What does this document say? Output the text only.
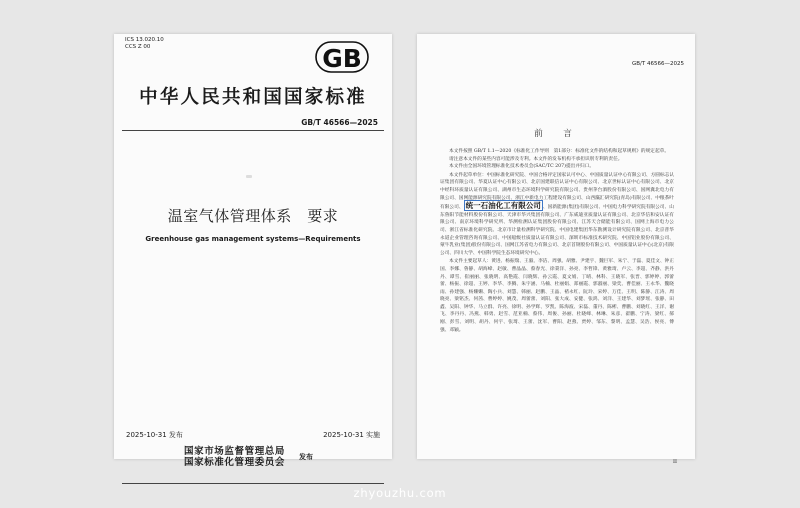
ICS 13.020.10
CCS Z 00	GB
中华人民共和国国家标准
GB/T 46566—2025
温室气体管理体系　要求
Greenhouse gas management systems—Requirements
2025-10-31 发布	2025-10-31 实施
国家市场监督管理总局
国家标准化管理委员会 发布
GB/T 46566—2025
前　言

本文件按照 GB/T 1.1—2020《标准化工作导则　第1部分：标准化文件的结构和起草规则》的规定起草。

请注意本文件的某些内容可能涉及专利。本文件的发布机构不承担识别专利的责任。

本文件由全国环境管理标准化技术委员会(SAC/TC 207)提出并归口。

本文件起草单位：中国标准化研究院、中国合格评定国家认可中心、中国质量认证中心有限公司、方圆标志认证集团有限公司、华夏认证中心有限公司、北京国建联信认证中心有限公司、北京世标认证中心有限公司、北京中经科环质量认证有限公司、湖州市生态环境科学研究院有限公司、贵州茅台酒股份有限公司、国网冀北电力有限公司、国网能源研究院有限公司、浙江中新电力工程建设有限公司、山西瀛汇研究院(青岛)有限公司、中粮茶叶有限公司、 统一石油化工有限公司 、国新能源(集团)有限公司、中国电力科学研究院有限公司、山东鲁阳节能材料股份有限公司、天津市华兴集团有限公司、广东威迪亚质量认证有限公司、北京华信和安认证有限公司、南京环境科学研究所、华测检测认证集团股份有限公司、江苏天合储能有限公司、国网上海市电力公司、浙江省标准化研究院、北京市计量检测科学研究院、中国电建集团华东勘测设计研究院有限公司、北京普华永道企业管理咨询有限公司、中国船级社质量认证有限公司、深圳市标准技术研究院、中国铝业股份有限公司、蒙牛乳业(集团)股份有限公司、国网江苏省电力有限公司、北京首钢股份有限公司、中国质量认证中心(北京)有限公司、四川大学、中国科学院生态环境研究中心。

本文件主要起草人：黄进、杨振瑞、王毅、李洁、周强、胡雅、尹建宇、魏巨军、朱宁、于磊、夏佳文、钟正国、李娜、鲁静、胡海峰、赵敏、曹晶晶、蔡春光、徐秉洋、孙亮、李哲锋、黄雅琦、卢云、李超、齐静、洪丹丹、谭雪、崔丽丽、张晓明、高艳霞、闫晓辉、孙云霞、夏文娟、丁晴、林科、王晓军、张晋、郭婷婷、郭蕾蕾、杨振、徐超、王婷、李华、李腾、朱宇涵、马楠、杜丽娟、郑丽霞、郭淑丽、梁奕、曹佳丽、王永华、魏晓雨、孙建强、杨姗姗、陶小兵、刘慧、韩丽、赵鹏、王晶、褚永红、阮玲、宋婷、万佳、王明、陈静、江涛、周晓亮、梁铭杰、何茜、曹婷婷、姚茂、周蕾蕾、刘阳、张大成、安健、张鸿、刘洋、王建华、刘梦瑶、张静、田鑫、吴阳、钟华、马立群、许亮、徐明、孙学辉、罗凯、陈海波、宋磊、董丹、陈彬、曹鹏、刘晓红、王洋、谢飞、李丹丹、冯燕、韩勇、赵雪、范亚楠、蔡伟、周俊、孙丽、杜晓峰、林琳、朱彦、翟鹏、宁涛、梁红、郝刚、彭雪、刘明、胡丹、何宇、张琦、王蕾、沈军、曹阳、赵燕、贾婷、邹东、黎明、孟慧、吴浩、侯亮、傅强、邓颖。

II
zhyouzhu.com
